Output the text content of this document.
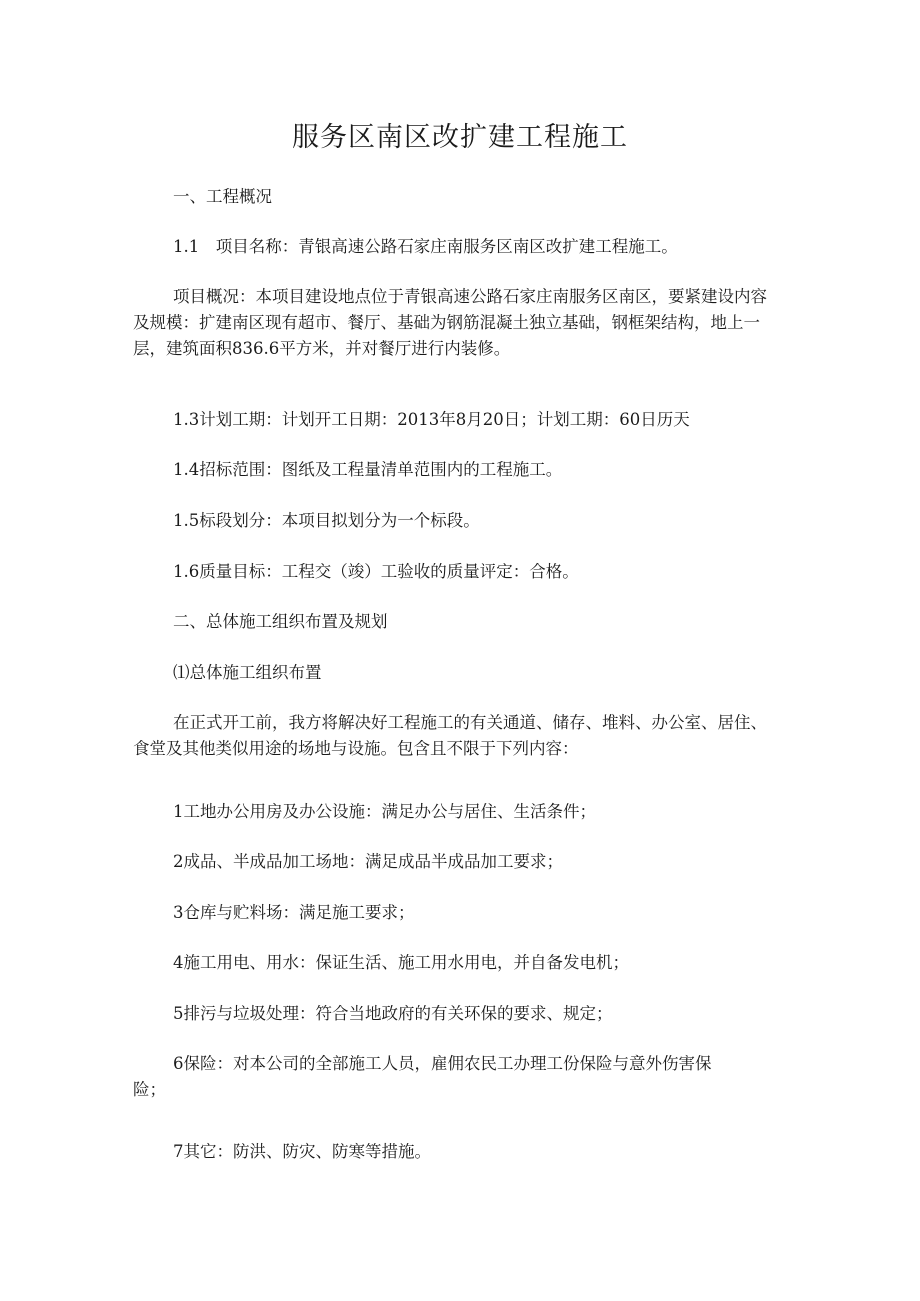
服务区南区改扩建工程施工

一、工程概况

1.1　项目名称：青银高速公路石家庄南服务区南区改扩建工程施工。

项目概况：本项目建设地点位于青银高速公路石家庄南服务区南区，要紧建设内容
及规模：扩建南区现有超市、餐厅、基础为钢筋混凝土独立基础，钢框架结构，地上一
层，建筑面积836.6平方米，并对餐厅进行内装修。

1.3计划工期：计划开工日期：2013年8月20日；计划工期：60日历天

1.4招标范围：图纸及工程量清单范围内的工程施工。

1.5标段划分：本项目拟划分为一个标段。

1.6质量目标：工程交（竣）工验收的质量评定：合格。

二、总体施工组织布置及规划

⑴总体施工组织布置

在正式开工前，我方将解决好工程施工的有关通道、储存、堆料、办公室、居住、
食堂及其他类似用途的场地与设施。包含且不限于下列内容：

1工地办公用房及办公设施：满足办公与居住、生活条件；

2成品、半成品加工场地：满足成品半成品加工要求；

3仓库与贮料场：满足施工要求；

4施工用电、用水：保证生活、施工用水用电，并自备发电机；

5排污与垃圾处理：符合当地政府的有关环保的要求、规定；

6保险：对本公司的全部施工人员，雇佣农民工办理工份保险与意外伤害保
险；

7其它：防洪、防灾、防寒等措施。
